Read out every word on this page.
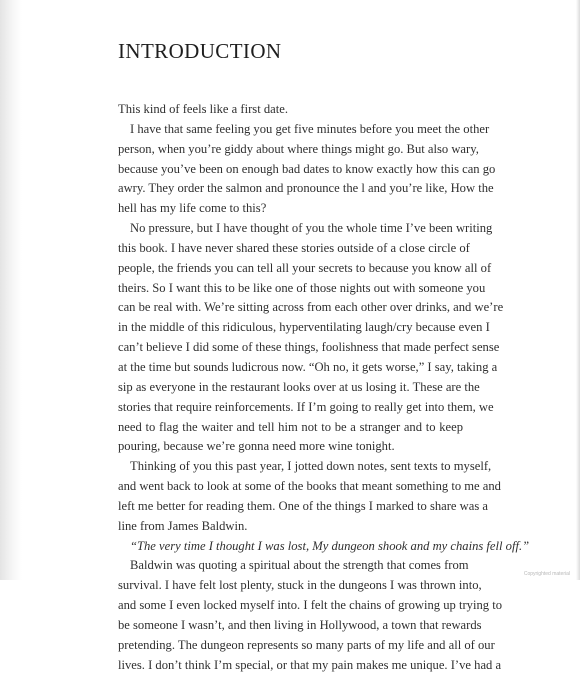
INTRODUCTION
This kind of feels like a first date.
I have that same feeling you get five minutes before you meet the other
person, when you’re giddy about where things might go. But also wary,
because you’ve been on enough bad dates to know exactly how this can go
awry. They order the salmon and pronounce the l and you’re like, How the
hell has my life come to this?
No pressure, but I have thought of you the whole time I’ve been writing
this book. I have never shared these stories outside of a close circle of
people, the friends you can tell all your secrets to because you know all of
theirs. So I want this to be like one of those nights out with someone you
can be real with. We’re sitting across from each other over drinks, and we’re
in the middle of this ridiculous, hyperventilating laugh/cry because even I
can’t believe I did some of these things, foolishness that made perfect sense
at the time but sounds ludicrous now. “Oh no, it gets worse,” I say, taking a
sip as everyone in the restaurant looks over at us losing it. These are the
stories that require reinforcements. If I’m going to really get into them, we
need to flag the waiter and tell him not to be a stranger and to keep
pouring, because we’re gonna need more wine tonight.
Thinking of you this past year, I jotted down notes, sent texts to myself,
and went back to look at some of the books that meant something to me and
left me better for reading them. One of the things I marked to share was a
line from James Baldwin.
“The very time I thought I was lost, My dungeon shook and my chains fell off.”
Baldwin was quoting a spiritual about the strength that comes from
survival. I have felt lost plenty, stuck in the dungeons I was thrown into,
and some I even locked myself into. I felt the chains of growing up trying to
be someone I wasn’t, and then living in Hollywood, a town that rewards
pretending. The dungeon represents so many parts of my life and all of our
lives. I don’t think I’m special, or that my pain makes me unique. I’ve had a
Copyrighted material
